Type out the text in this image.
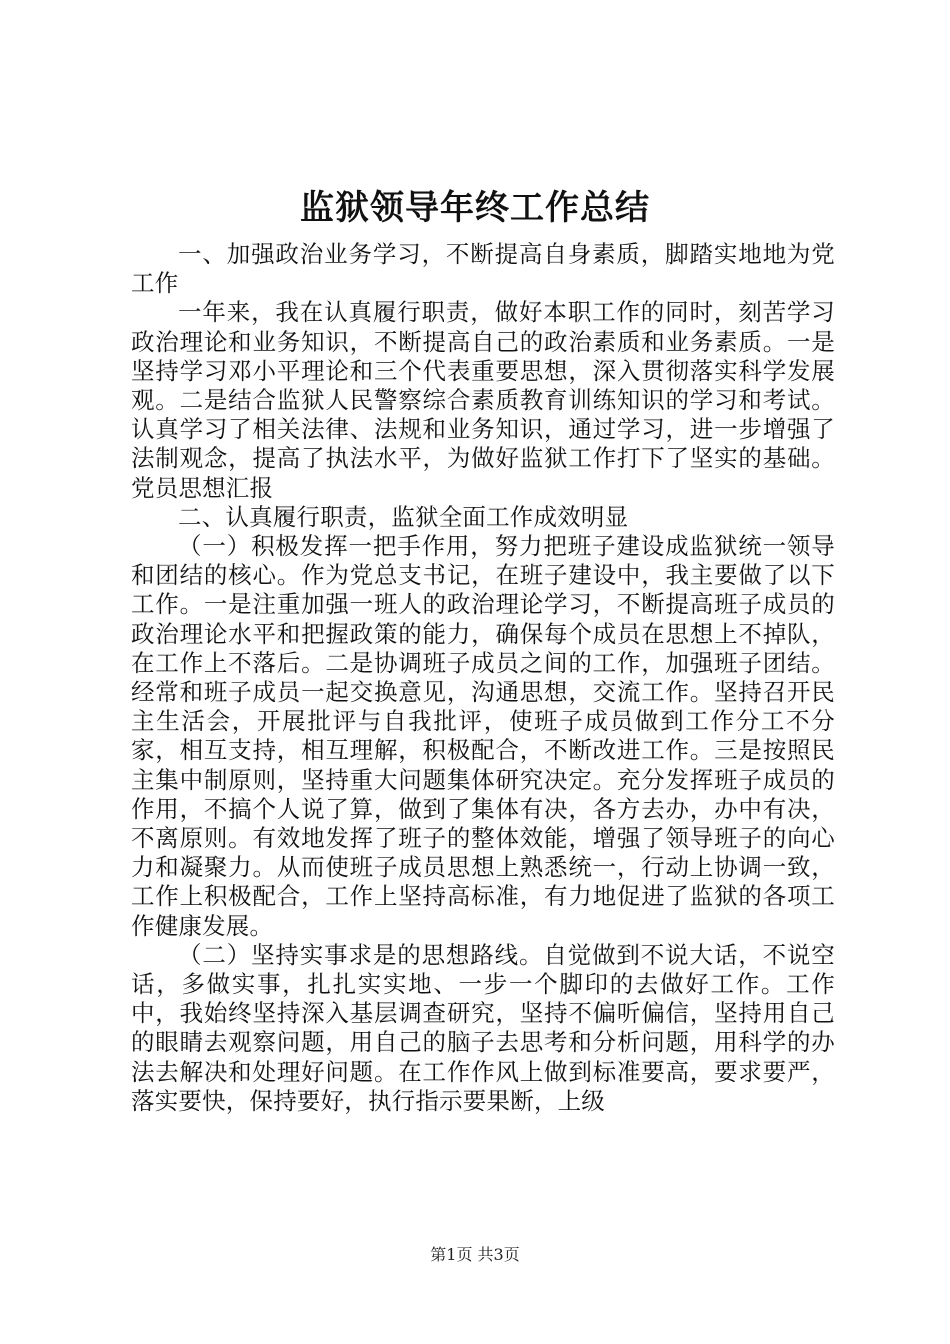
监狱领导年终工作总结

一、加强政治业务学习，不断提高自身素质，脚踏实地地为党工作

一年来，我在认真履行职责，做好本职工作的同时，刻苦学习政治理论和业务知识，不断提高自己的政治素质和业务素质。一是坚持学习邓小平理论和三个代表重要思想，深入贯彻落实科学发展观。二是结合监狱人民警察综合素质教育训练知识的学习和考试。认真学习了相关法律、法规和业务知识，通过学习，进一步增强了法制观念，提高了执法水平，为做好监狱工作打下了坚实的基础。党员思想汇报

二、认真履行职责，监狱全面工作成效明显

（一）积极发挥一把手作用，努力把班子建设成监狱统一领导和团结的核心。作为党总支书记，在班子建设中，我主要做了以下工作。一是注重加强一班人的政治理论学习，不断提高班子成员的政治理论水平和把握政策的能力，确保每个成员在思想上不掉队，在工作上不落后。二是协调班子成员之间的工作，加强班子团结。经常和班子成员一起交换意见，沟通思想，交流工作。坚持召开民主生活会，开展批评与自我批评，使班子成员做到工作分工不分家，相互支持，相互理解，积极配合，不断改进工作。三是按照民主集中制原则，坚持重大问题集体研究决定。充分发挥班子成员的作用，不搞个人说了算，做到了集体有决，各方去办，办中有决，不离原则。有效地发挥了班子的整体效能，增强了领导班子的向心力和凝聚力。从而使班子成员思想上熟悉统一，行动上协调一致，工作上积极配合，工作上坚持高标准，有力地促进了监狱的各项工作健康发展。

（二）坚持实事求是的思想路线。自觉做到不说大话，不说空话，多做实事，扎扎实实地、一步一个脚印的去做好工作。工作中，我始终坚持深入基层调查研究，坚持不偏听偏信，坚持用自己的眼睛去观察问题，用自己的脑子去思考和分析问题，用科学的办法去解决和处理好问题。在工作作风上做到标准要高，要求要严，落实要快，保持要好，执行指示要果断，上级

第1页 共3页
